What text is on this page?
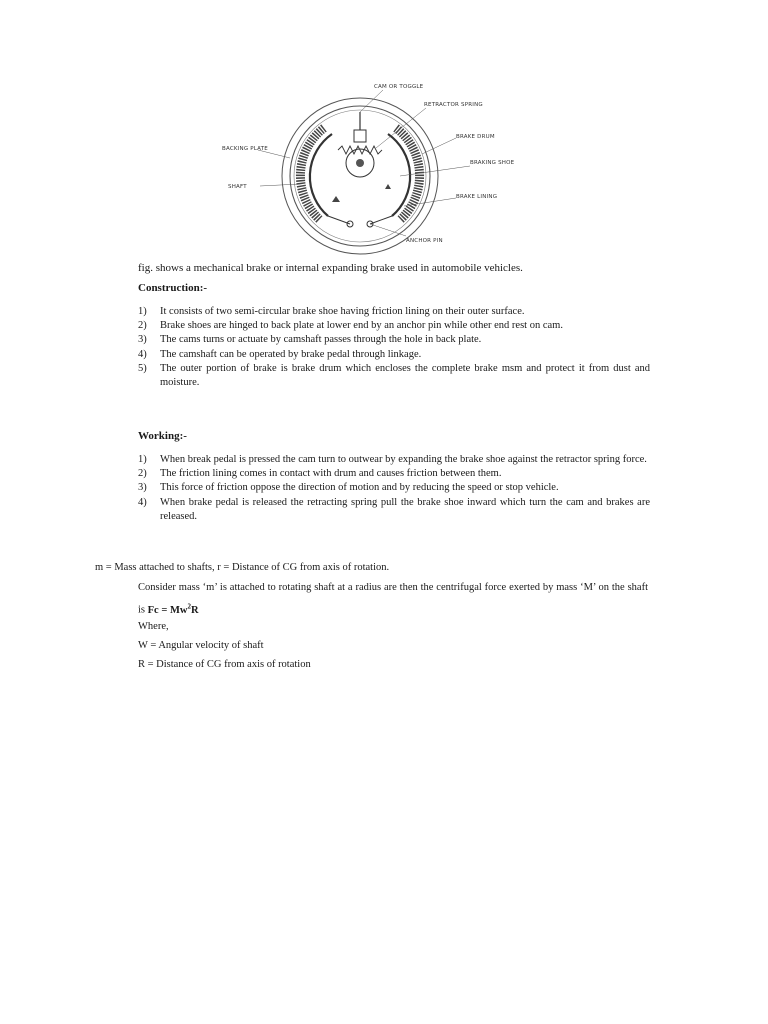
CAM OR TOGGLE
RETRACTOR SPRING
BRAKE DRUM
BRAKING SHOE
BRAKE LINING
ANCHOR PIN
BACKING PLATE
SHAFT
fig. shows a mechanical brake or internal expanding brake used in automobile vehicles.
Construction:-
1) It consists of two semi-circular brake shoe having friction lining on their outer surface.
2) Brake shoes are hinged to back plate at lower end by an anchor pin while other end rest on cam.
3) The cams turns or actuate by camshaft passes through the hole in back plate.
4) The camshaft can be operated by brake pedal through linkage.
5) The outer portion of brake is brake drum which encloses the complete brake msm and protect it from dust and moisture.
Working:-
1) When break pedal is pressed the cam turn to outwear by expanding the brake shoe against the retractor spring force.
2) The friction lining comes in contact with drum and causes friction between them.
3) This force of friction oppose the direction of motion and by reducing the speed or stop vehicle.
4) When brake pedal is released the retracting spring pull the brake shoe inward which turn the cam and brakes are released.
m = Mass attached to shafts, r = Distance of CG from axis of rotation.
Consider mass ‘m’ is attached to rotating shaft at a radius are then the centrifugal force exerted by mass ‘M’ on the shaft is $Fc = Mw^2R$
Where,
W = Angular velocity of shaft
R = Distance of CG from axis of rotation
